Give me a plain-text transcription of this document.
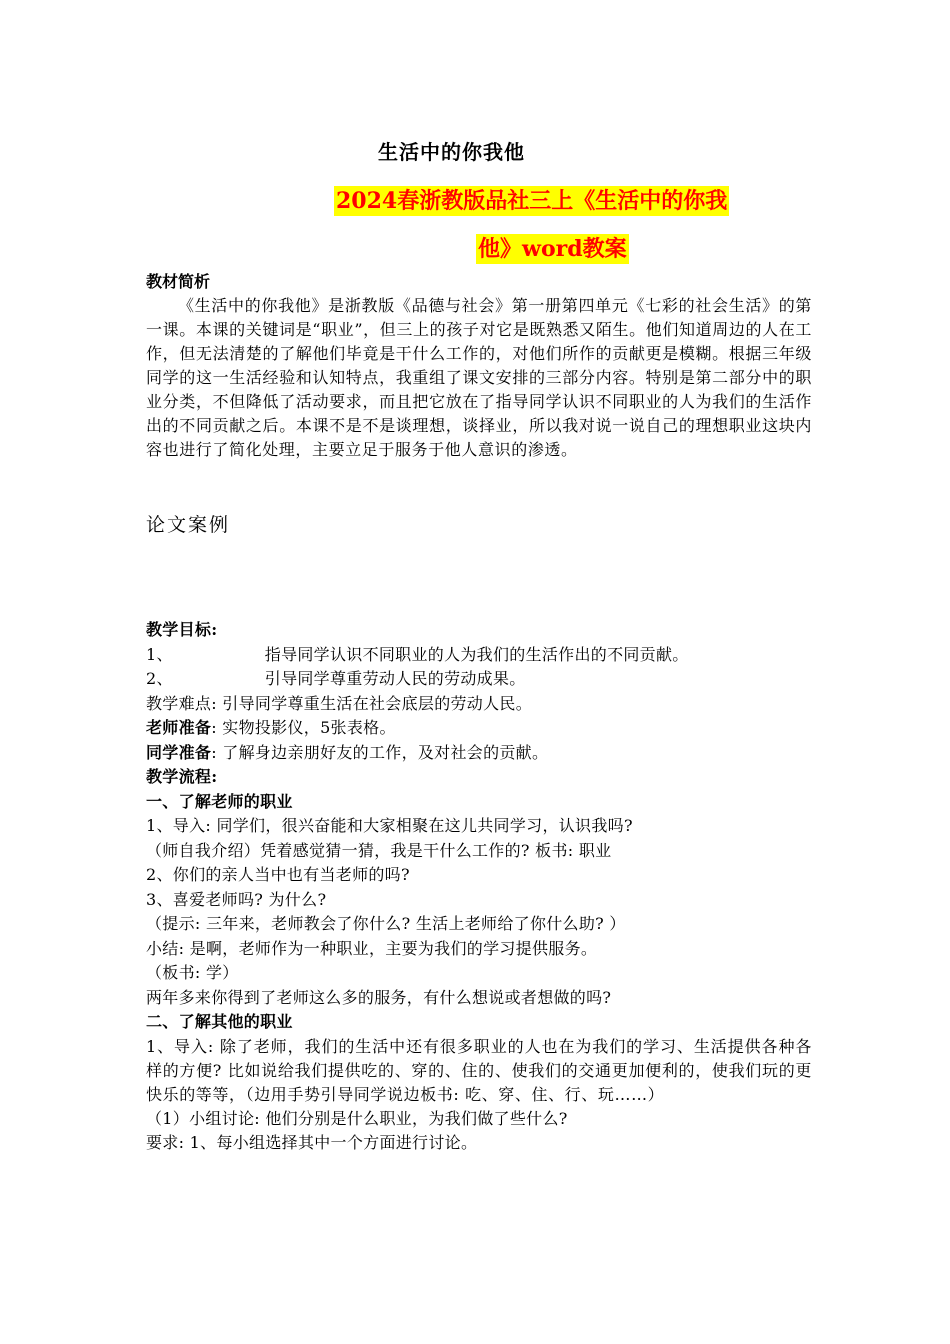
生活中的你我他
2024春浙教版品社三上《生活中的你我
他》word教案
教材简析
《生活中的你我他》是浙教版《品德与社会》第一册第四单元《七彩的社会生活》的第一课。本课的关键词是“职业”，但三上的孩子对它是既熟悉又陌生。他们知道周边的人在工作，但无法清楚的了解他们毕竟是干什么工作的，对他们所作的贡献更是模糊。根据三年级同学的这一生活经验和认知特点，我重组了课文安排的三部分内容。特别是第二部分中的职业分类，不但降低了活动要求，而且把它放在了指导同学认识不同职业的人为我们的生活作出的不同贡献之后。本课不是不是谈理想，谈择业，所以我对说一说自己的理想职业这块内容也进行了简化处理，主要立足于服务于他人意识的渗透。
论文案例
教学目标:
1、	指导同学认识不同职业的人为我们的生活作出的不同贡献。
2、	引导同学尊重劳动人民的劳动成果。
教学难点: 引导同学尊重生活在社会底层的劳动人民。
老师准备: 实物投影仪，5张表格。
同学准备: 了解身边亲朋好友的工作，及对社会的贡献。
教学流程:
一、了解老师的职业
1、导入: 同学们，很兴奋能和大家相聚在这儿共同学习，认识我吗?
（师自我介绍）凭着感觉猜一猜，我是干什么工作的? 板书: 职业
2、你们的亲人当中也有当老师的吗?
3、喜爱老师吗? 为什么?
（提示: 三年来，老师教会了你什么? 生活上老师给了你什么助? ）
小结: 是啊，老师作为一种职业，主要为我们的学习提供服务。
（板书: 学）
两年多来你得到了老师这么多的服务，有什么想说或者想做的吗?
二、了解其他的职业
1、导入: 除了老师，我们的生活中还有很多职业的人也在为我们的学习、生活提供各种各样的方便? 比如说给我们提供吃的、穿的、住的、使我们的交通更加便利的，使我们玩的更快乐的等等，（边用手势引导同学说边板书: 吃、穿、住、行、玩……）
（1）小组讨论: 他们分别是什么职业，为我们做了些什么?
要求: 1、每小组选择其中一个方面进行讨论。
